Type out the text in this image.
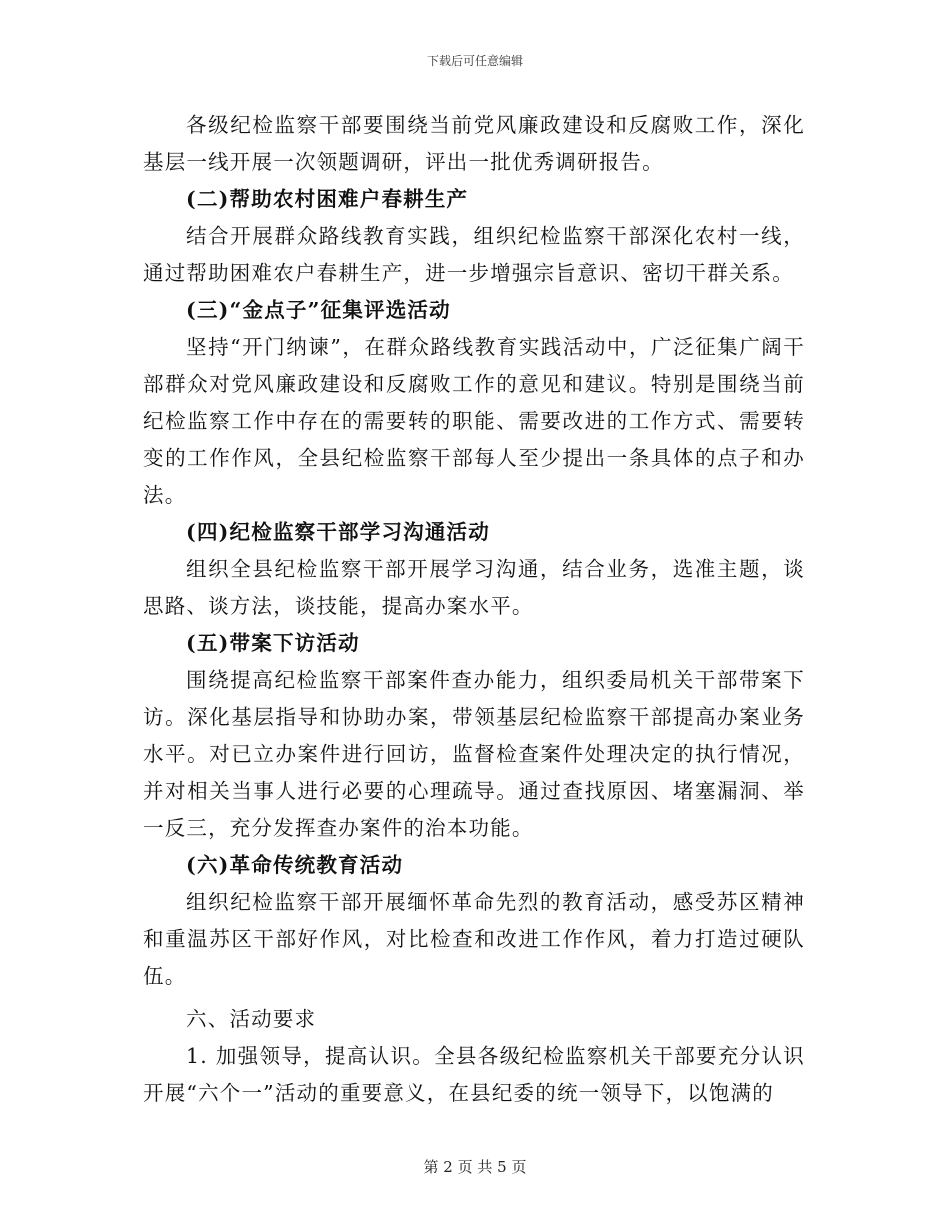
下载后可任意编辑

各级纪检监察干部要围绕当前党风廉政建设和反腐败工作，深化基层一线开展一次领题调研，评出一批优秀调研报告。

(二)帮助农村困难户春耕生产

结合开展群众路线教育实践，组织纪检监察干部深化农村一线，通过帮助困难农户春耕生产，进一步增强宗旨意识、密切干群关系。

(三)“金点子”征集评选活动

坚持“开门纳谏”，在群众路线教育实践活动中，广泛征集广阔干部群众对党风廉政建设和反腐败工作的意见和建议。特别是围绕当前纪检监察工作中存在的需要转的职能、需要改进的工作方式、需要转变的工作作风，全县纪检监察干部每人至少提出一条具体的点子和办法。

(四)纪检监察干部学习沟通活动

组织全县纪检监察干部开展学习沟通，结合业务，选准主题，谈思路、谈方法，谈技能，提高办案水平。

(五)带案下访活动

围绕提高纪检监察干部案件查办能力，组织委局机关干部带案下访。深化基层指导和协助办案，带领基层纪检监察干部提高办案业务水平。对已立办案件进行回访，监督检查案件处理决定的执行情况，并对相关当事人进行必要的心理疏导。通过查找原因、堵塞漏洞、举一反三，充分发挥查办案件的治本功能。

(六)革命传统教育活动

组织纪检监察干部开展缅怀革命先烈的教育活动，感受苏区精神和重温苏区干部好作风，对比检查和改进工作作风，着力打造过硬队伍。

六、活动要求

1. 加强领导，提高认识。全县各级纪检监察机关干部要充分认识开展“六个一”活动的重要意义，在县纪委的统一领导下，以饱满的

第 2 页 共 5 页
